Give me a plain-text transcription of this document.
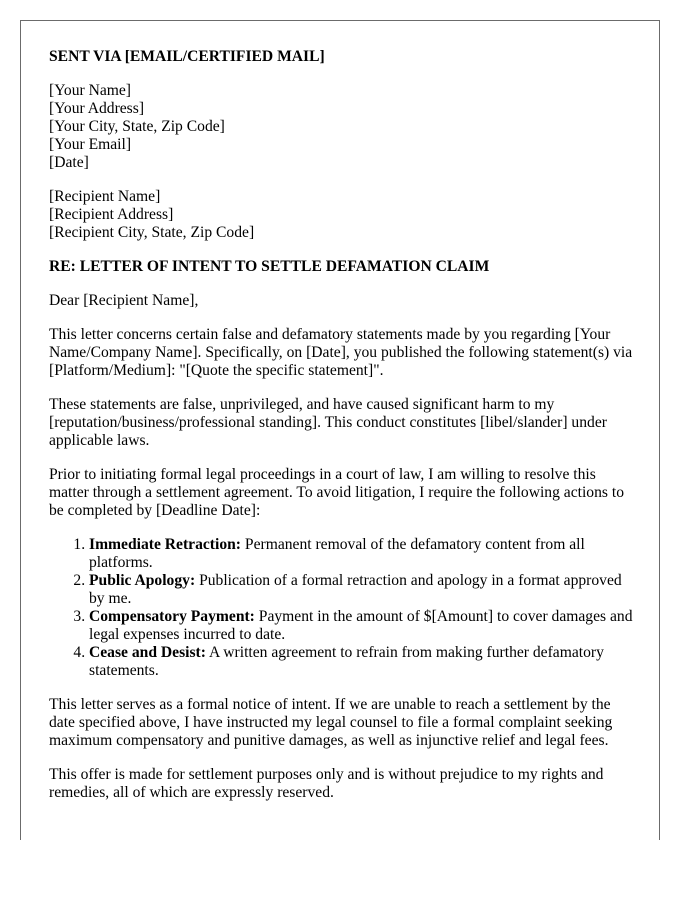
SENT VIA [EMAIL/CERTIFIED MAIL]

[Your Name]
[Your Address]
[Your City, State, Zip Code]
[Your Email]
[Date]

[Recipient Name]
[Recipient Address]
[Recipient City, State, Zip Code]

RE: LETTER OF INTENT TO SETTLE DEFAMATION CLAIM

Dear [Recipient Name],

This letter concerns certain false and defamatory statements made by you regarding [Your Name/Company Name]. Specifically, on [Date], you published the following statement(s) via [Platform/Medium]: "[Quote the specific statement]".

These statements are false, unprivileged, and have caused significant harm to my [reputation/business/professional standing]. This conduct constitutes [libel/slander] under applicable laws.

Prior to initiating formal legal proceedings in a court of law, I am willing to resolve this matter through a settlement agreement. To avoid litigation, I require the following actions to be completed by [Deadline Date]:

1. Immediate Retraction: Permanent removal of the defamatory content from all platforms.
2. Public Apology: Publication of a formal retraction and apology in a format approved by me.
3. Compensatory Payment: Payment in the amount of $[Amount] to cover damages and legal expenses incurred to date.
4. Cease and Desist: A written agreement to refrain from making further defamatory statements.

This letter serves as a formal notice of intent. If we are unable to reach a settlement by the date specified above, I have instructed my legal counsel to file a formal complaint seeking maximum compensatory and punitive damages, as well as injunctive relief and legal fees.

This offer is made for settlement purposes only and is without prejudice to my rights and remedies, all of which are expressly reserved.
